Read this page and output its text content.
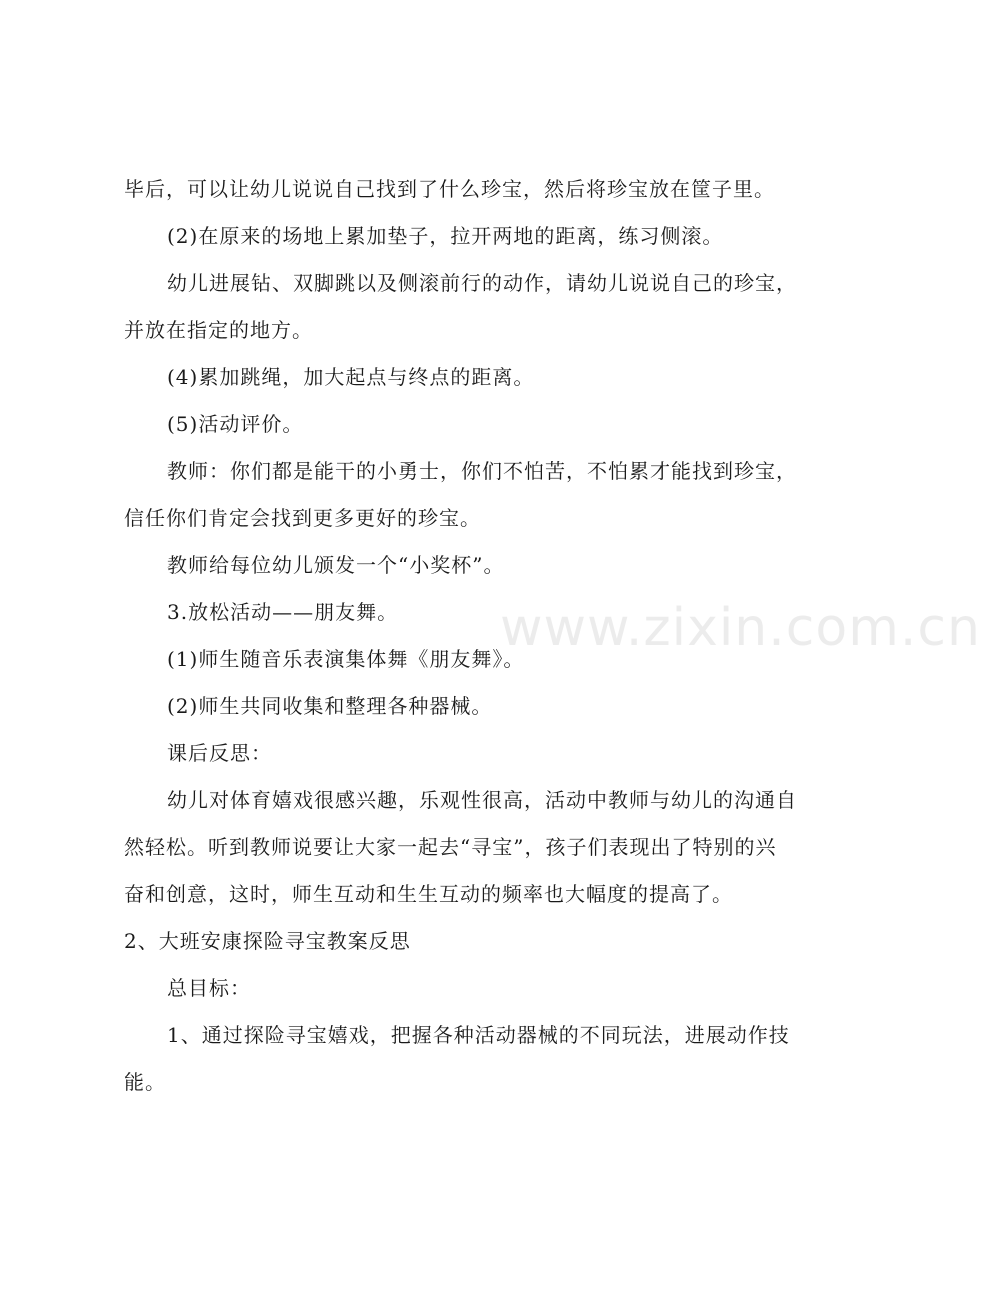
毕后，可以让幼儿说说自己找到了什么珍宝，然后将珍宝放在筐子里。
(2)在原来的场地上累加垫子，拉开两地的距离，练习侧滚。
幼儿进展钻、双脚跳以及侧滚前行的动作，请幼儿说说自己的珍宝，
并放在指定的地方。
(4)累加跳绳，加大起点与终点的距离。
(5)活动评价。
教师：你们都是能干的小勇士，你们不怕苦，不怕累才能找到珍宝，
信任你们肯定会找到更多更好的珍宝。
教师给每位幼儿颁发一个“小奖杯”。
3.放松活动——朋友舞。
(1)师生随音乐表演集体舞《朋友舞》。
(2)师生共同收集和整理各种器械。
课后反思：
幼儿对体育嬉戏很感兴趣，乐观性很高，活动中教师与幼儿的沟通自
然轻松。听到教师说要让大家一起去“寻宝”，孩子们表现出了特别的兴
奋和创意，这时，师生互动和生生互动的频率也大幅度的提高了。
2、大班安康探险寻宝教案反思
总目标：
1、通过探险寻宝嬉戏，把握各种活动器械的不同玩法，进展动作技
能。
www.zixin.com.cn
